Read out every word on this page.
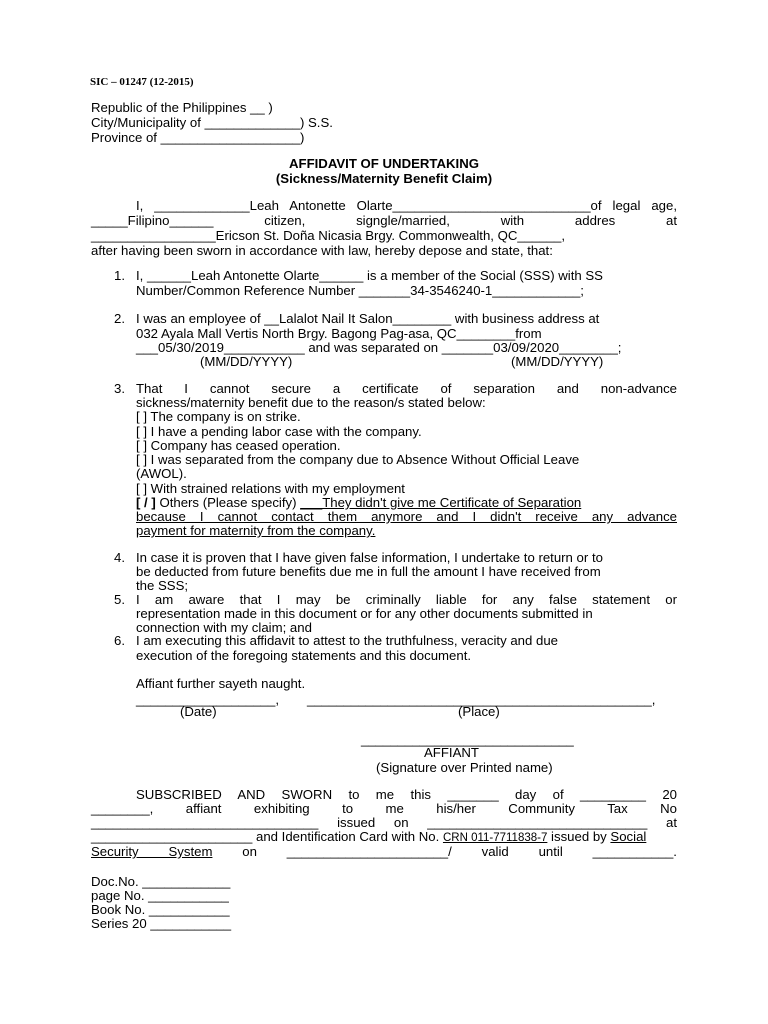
SIC – 01247 (12-2015)
Republic of the Philippines __ )
City/Municipality of _____________) S.S.
Province of ___________________)
AFFIDAVIT OF UNDERTAKING
(Sickness/Maternity Benefit Claim)
I, _____________Leah Antonette Olarte___________________________of legal age,
_____Filipino______	citizen,	signgle/married,	with	addres	at
_________________Ericson St. Doña Nicasia Brgy. Commonwealth, QC______,
after having been sworn in accordance with law, hereby depose and state, that:
1. I, ______Leah Antonette Olarte______ is a member of the Social (SSS) with SS
Number/Common Reference Number _______34-3546240-1____________;
2. I was an employee of __Lalalot Nail It Salon________ with business address at
032 Ayala Mall Vertis North Brgy. Bagong Pag-asa, QC________from
___05/30/2019___________ and was separated on _______03/09/2020________;
(MM/DD/YYYY)	(MM/DD/YYYY)
3. That I cannot secure a certificate of separation and non-advance
sickness/maternity benefit due to the reason/s stated below:
[ ] The company is on strike.
[ ] I have a pending labor case with the company.
[ ] Company has ceased operation.
[ ] I was separated from the company due to Absence Without Official Leave
(AWOL).
[ ] With strained relations with my employment
[ / ] Others (Please specify) ___They didn't give me Certificate of Separation
because I cannot contact them anymore and I didn't receive any advance
payment for maternity from the company.
4. In case it is proven that I have given false information, I undertake to return or to
be deducted from future benefits due me in full the amount I have received from
the SSS;
5. I am aware that I may be criminally liable for any false statement or
representation made in this document or for any other documents submitted in
connection with my claim; and
6. I am executing this affidavit to attest to the truthfulness, veracity and due
execution of the foregoing statements and this document.
Affiant further sayeth naught.
___________________, _______________________________________________,
(Date)	(Place)
_____________________________
AFFIANT
(Signature over Printed name)
SUBSCRIBED AND SWORN to me this _______ day of _________ 20
________, affiant exhibiting to me his/her Community Tax No
_______________________________ issued on ______________________________ at
______________________ and Identification Card with No. CRN 011-7711838-7 issued by Social
Security System on ______________________/ valid until ___________.
Doc.No. ____________
page No. ___________
Book No. ___________
Series 20 ___________
